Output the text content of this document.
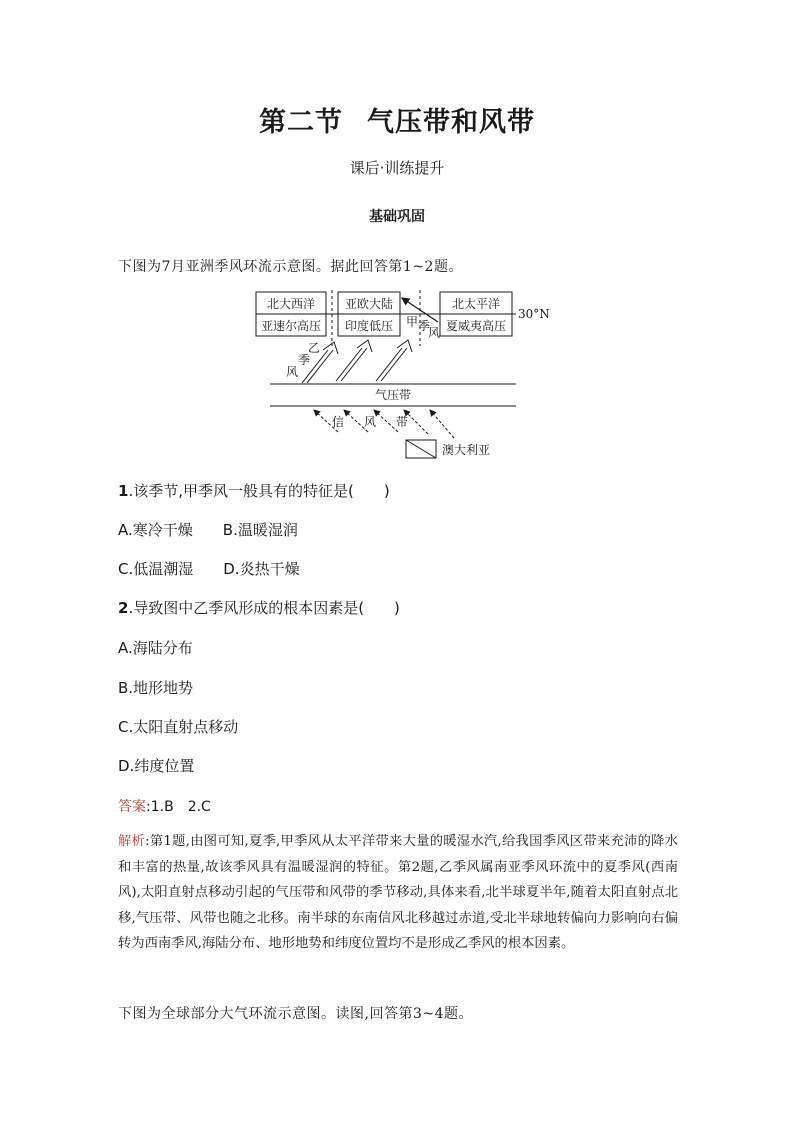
第二节 气压带和风带
课后·训练提升
基础巩固
下图为7月亚洲季风环流示意图。据此回答第1~2题。
北大西洋
亚速尔高压
亚欧大陆
印度低压
北太平洋
夏威夷高压
30°N
甲 季
风
乙
季
风
气压带
信 风 带
澳大利亚
1.该季节,甲季风一般具有的特征是(　　)
A.寒冷干燥 B.温暖湿润
C.低温潮湿 D.炎热干燥
2.导致图中乙季风形成的根本因素是(　　)
A.海陆分布
B.地形地势
C.太阳直射点移动
D.纬度位置
答案:1.B 2.C
解析:第1题,由图可知,夏季,甲季风从太平洋带来大量的暖湿水汽,给我国季风区带来充沛的降水和丰富的热量,故该季风具有温暖湿润的特征。第2题,乙季风属南亚季风环流中的夏季风(西南风),太阳直射点移动引起的气压带和风带的季节移动,具体来看,北半球夏半年,随着太阳直射点北移,气压带、风带也随之北移。南半球的东南信风北移越过赤道,受北半球地转偏向力影响向右偏转为西南季风,海陆分布、地形地势和纬度位置均不是形成乙季风的根本因素。
下图为全球部分大气环流示意图。读图,回答第3~4题。
